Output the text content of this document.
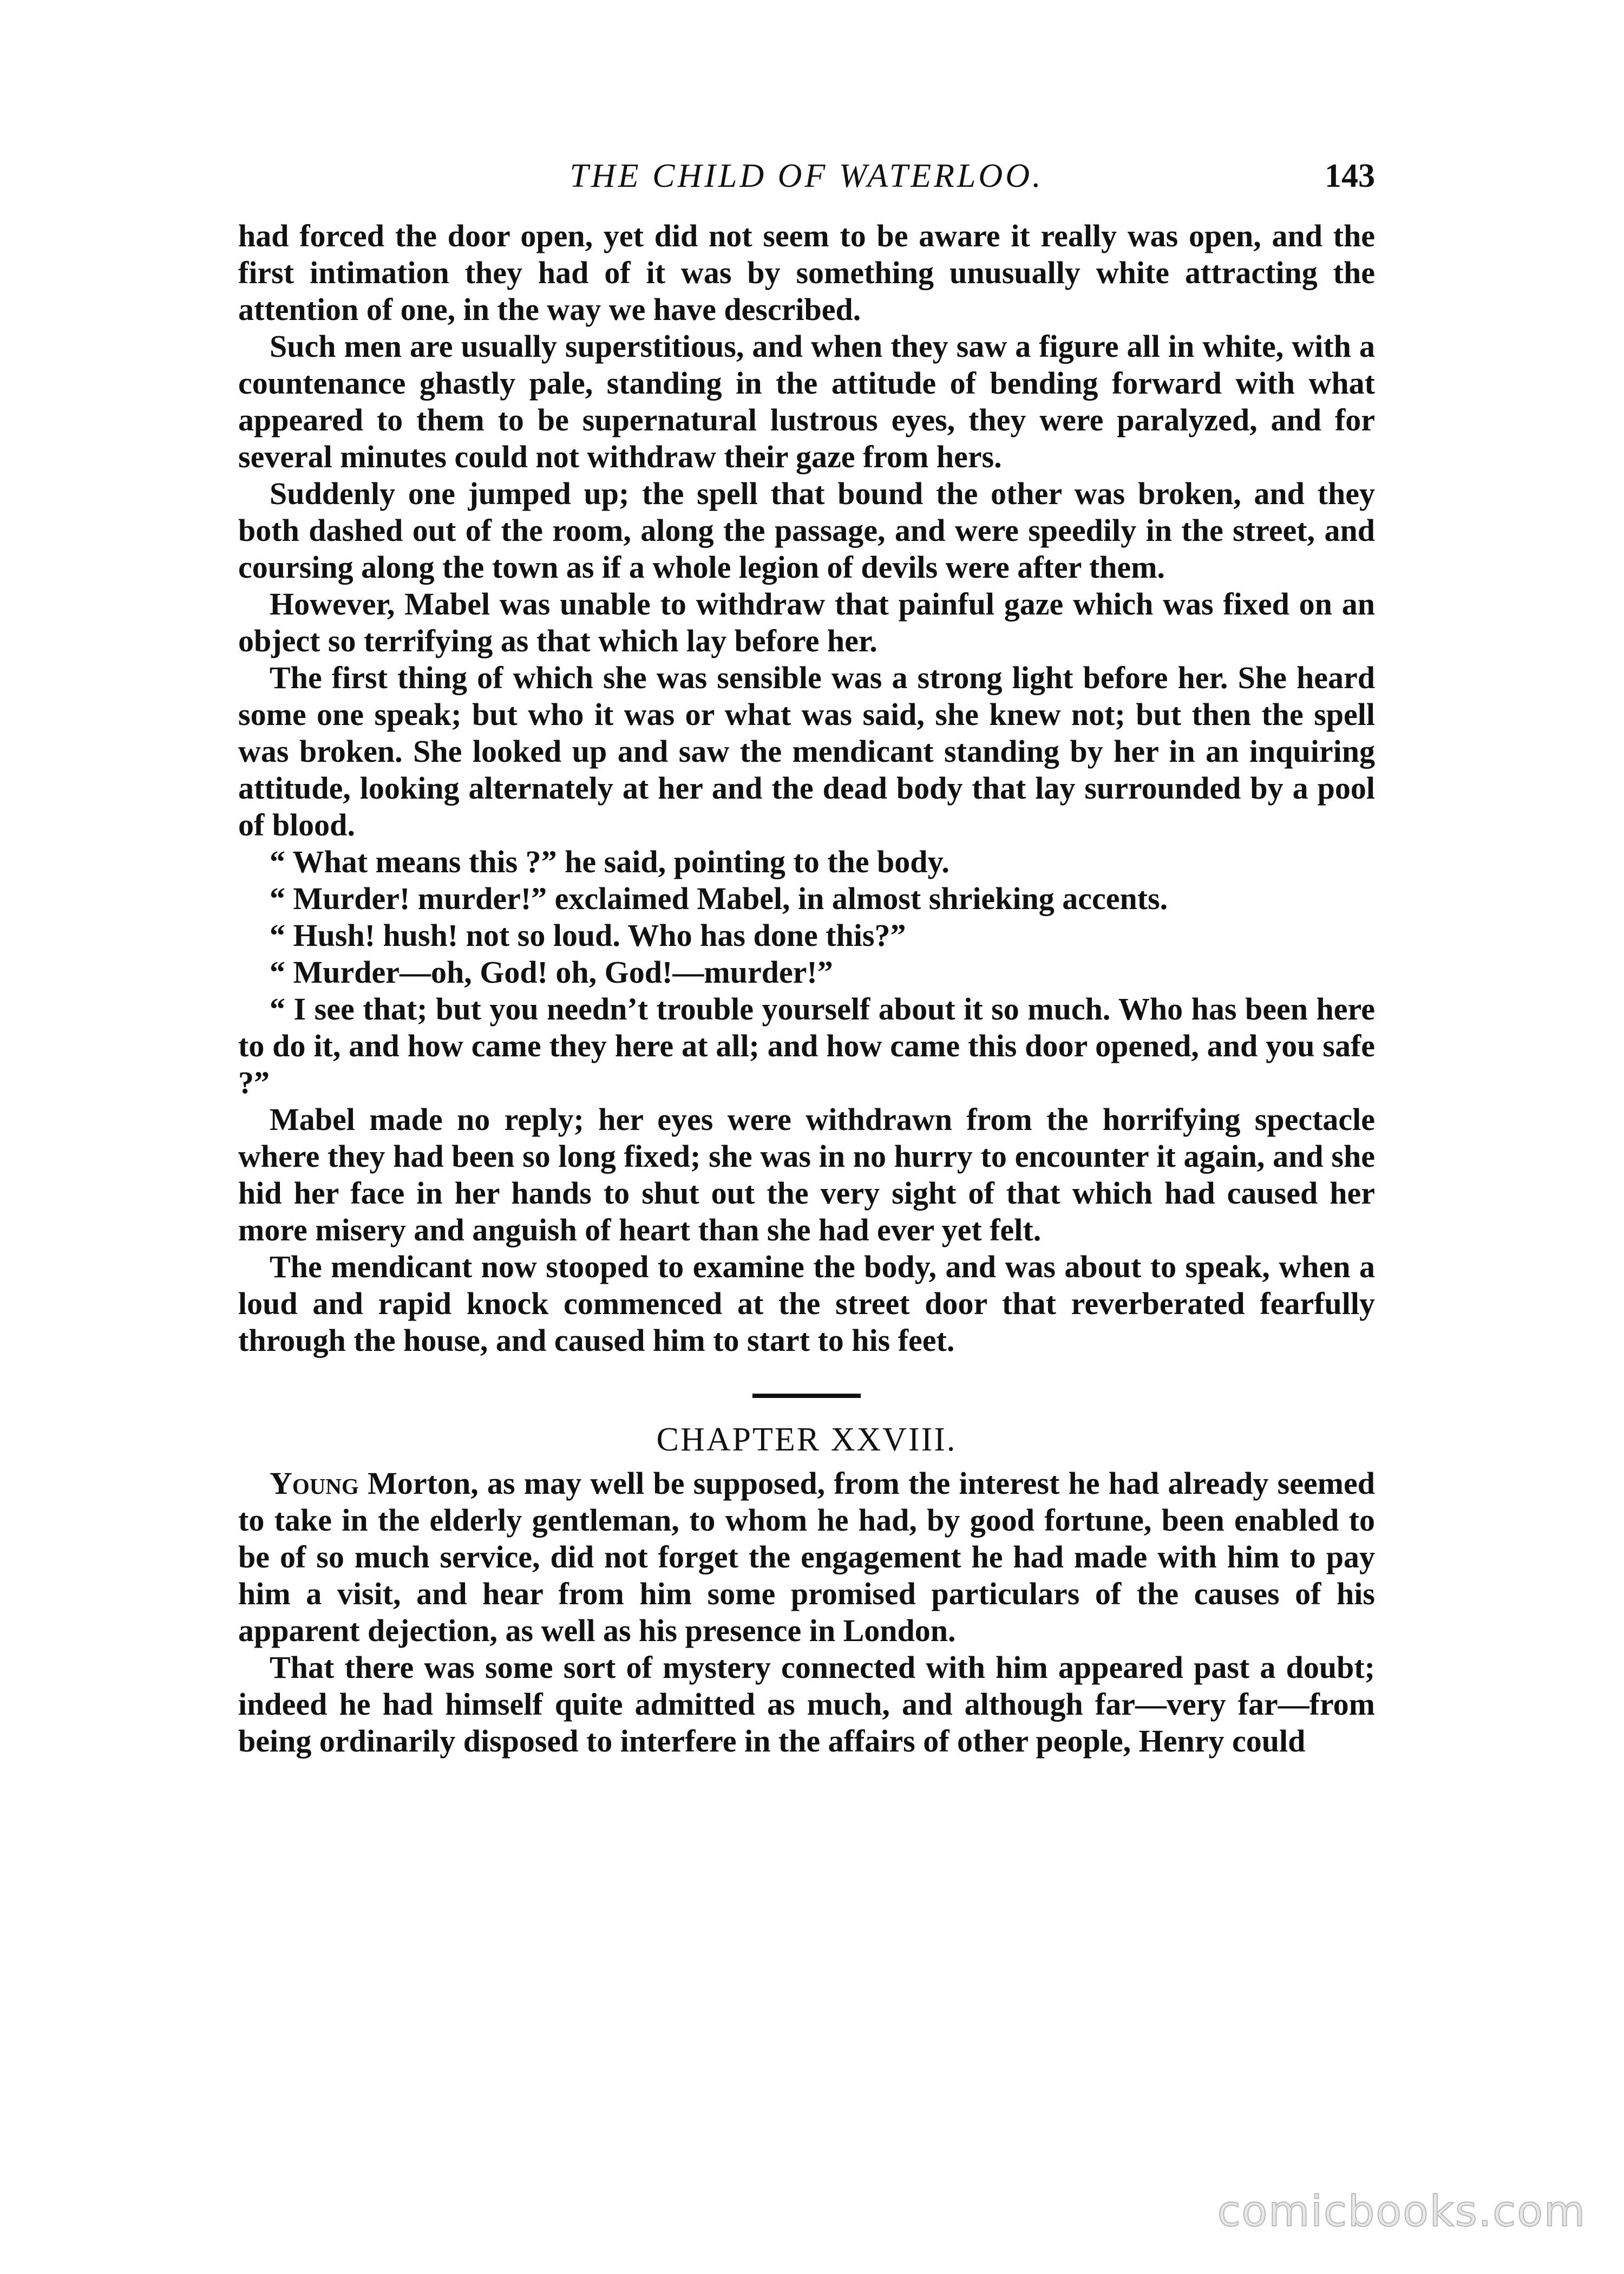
THE CHILD OF WATERLOO.	143

had forced the door open, yet did not seem to be aware it really was open, and the first intimation they had of it was by something unusually white attracting the attention of one, in the way we have described.

Such men are usually superstitious, and when they saw a figure all in white, with a countenance ghastly pale, standing in the attitude of bending forward with what appeared to them to be supernatural lustrous eyes, they were paralyzed, and for several minutes could not withdraw their gaze from hers.

Suddenly one jumped up; the spell that bound the other was broken, and they both dashed out of the room, along the passage, and were speedily in the street, and coursing along the town as if a whole legion of devils were after them.

However, Mabel was unable to withdraw that painful gaze which was fixed on an object so terrifying as that which lay before her.

The first thing of which she was sensible was a strong light before her. She heard some one speak; but who it was or what was said, she knew not; but then the spell was broken. She looked up and saw the mendicant standing by her in an inquiring attitude, looking alternately at her and the dead body that lay surrounded by a pool of blood.

“ What means this ?” he said, pointing to the body.

“ Murder! murder!” exclaimed Mabel, in almost shrieking accents.

“ Hush! hush! not so loud. Who has done this?”

“ Murder—oh, God! oh, God!—murder!”

“ I see that; but you needn’t trouble yourself about it so much. Who has been here to do it, and how came they here at all; and how came this door opened, and you safe ?”

Mabel made no reply; her eyes were withdrawn from the horrifying spectacle where they had been so long fixed; she was in no hurry to encounter it again, and she hid her face in her hands to shut out the very sight of that which had caused her more misery and anguish of heart than she had ever yet felt.

The mendicant now stooped to examine the body, and was about to speak, when a loud and rapid knock commenced at the street door that reverberated fearfully through the house, and caused him to start to his feet.

CHAPTER XXVIII.

Young Morton, as may well be supposed, from the interest he had already seemed to take in the elderly gentleman, to whom he had, by good fortune, been enabled to be of so much service, did not forget the engagement he had made with him to pay him a visit, and hear from him some promised particulars of the causes of his apparent dejection, as well as his presence in London.

That there was some sort of mystery connected with him appeared past a doubt; indeed he had himself quite admitted as much, and although far—very far—from being ordinarily disposed to interfere in the affairs of other people, Henry could

comicbooks.com
